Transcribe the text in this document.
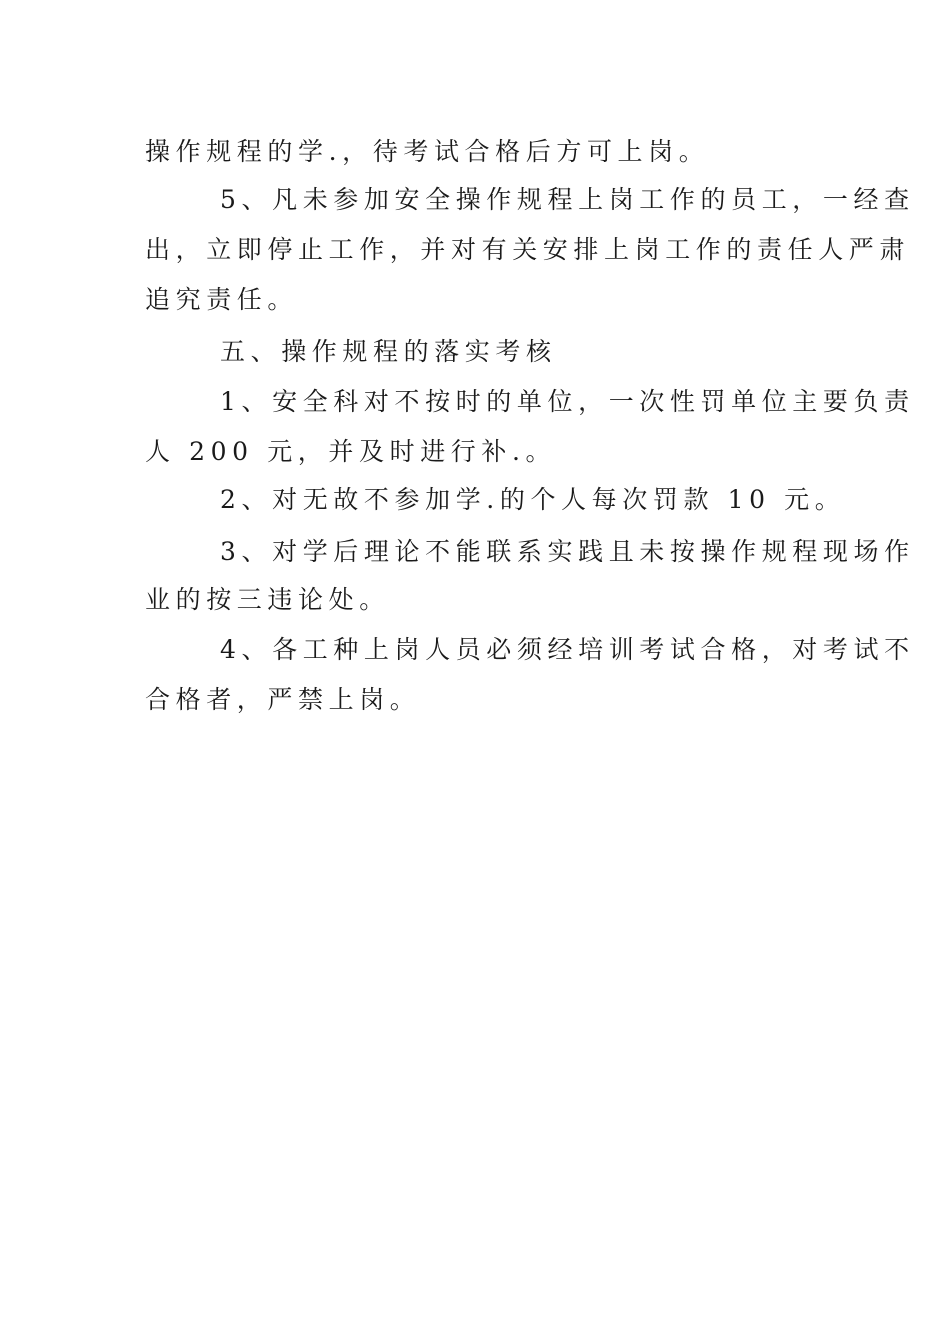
操作规程的学.，待考试合格后方可上岗。
5、凡未参加安全操作规程上岗工作的员工，一经查
出，立即停止工作，并对有关安排上岗工作的责任人严肃
追究责任。
五、操作规程的落实考核
1、安全科对不按时的单位，一次性罚单位主要负责
人 200 元，并及时进行补.。
2、对无故不参加学.的个人每次罚款 10 元。
3、对学后理论不能联系实践且未按操作规程现场作
业的按三违论处。
4、各工种上岗人员必须经培训考试合格，对考试不
合格者，严禁上岗。
